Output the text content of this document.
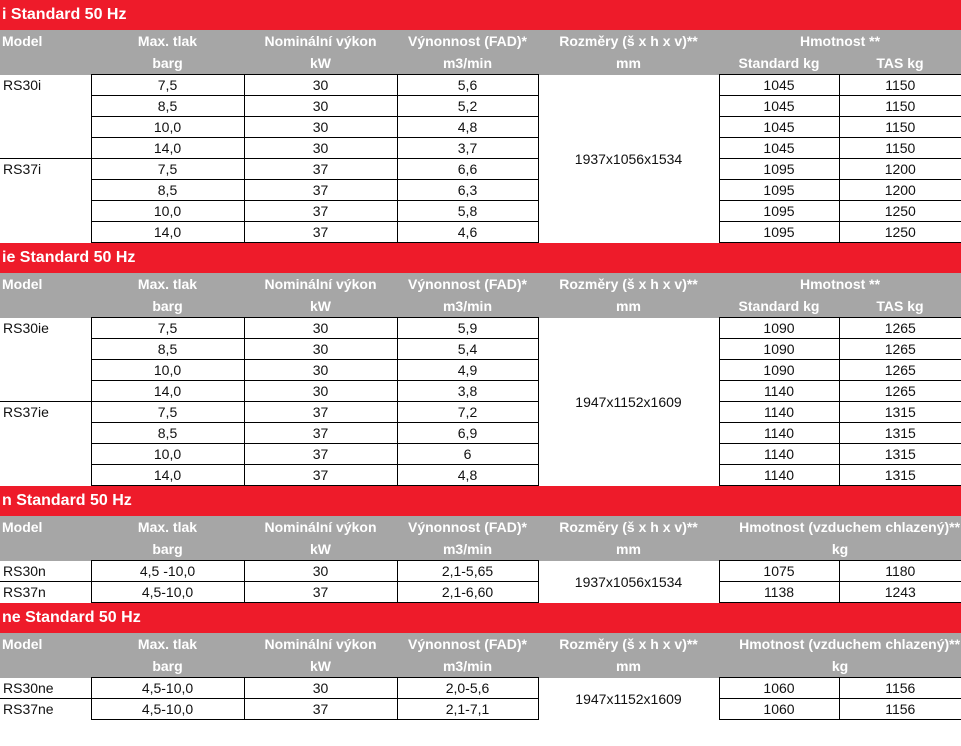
i Standard 50 Hz						
Model	Max. tlak	Nominální výkon	Výnonnost (FAD)*	Rozměry (š x h x v)**	Hmotnost **	
	barg	kW	m3/min	mm	Standard kg	TAS kg
RS30i	7,5	30	5,6	1937x1056x1534	1045	1150
	8,5	30	5,2		1045	1150
	10,0	30	4,8		1045	1150
	14,0	30	3,7		1045	1150
RS37i	7,5	37	6,6		1095	1200
	8,5	37	6,3		1095	1200
	10,0	37	5,8		1095	1250
	14,0	37	4,6		1095	1250
ie Standard 50 Hz						
Model	Max. tlak	Nominální výkon	Výnonnost (FAD)*	Rozměry (š x h x v)**	Hmotnost **	
	barg	kW	m3/min	mm	Standard kg	TAS kg
RS30ie	7,5	30	5,9	1947x1152x1609	1090	1265
	8,5	30	5,4		1090	1265
	10,0	30	4,9		1090	1265
	14,0	30	3,8		1140	1265
RS37ie	7,5	37	7,2		1140	1315
	8,5	37	6,9		1140	1315
	10,0	37	6		1140	1315
	14,0	37	4,8		1140	1315
n Standard 50 Hz						
Model	Max. tlak	Nominální výkon	Výnonnost (FAD)*	Rozměry (š x h x v)**	Hmotnost (vzduchem chlazený)**	
	barg	kW	m3/min	mm	kg	
RS30n	4,5 -10,0	30	2,1-5,65	1937x1056x1534	1075	1180
RS37n	4,5-10,0	37	2,1-6,60		1138	1243
ne Standard 50 Hz						
Model	Max. tlak	Nominální výkon	Výnonnost (FAD)*	Rozměry (š x h x v)**	Hmotnost (vzduchem chlazený)**	
	barg	kW	m3/min	mm	kg	
RS30ne	4,5-10,0	30	2,0-5,6	1947x1152x1609	1060	1156
RS37ne	4,5-10,0	37	2,1-7,1		1060	1156
